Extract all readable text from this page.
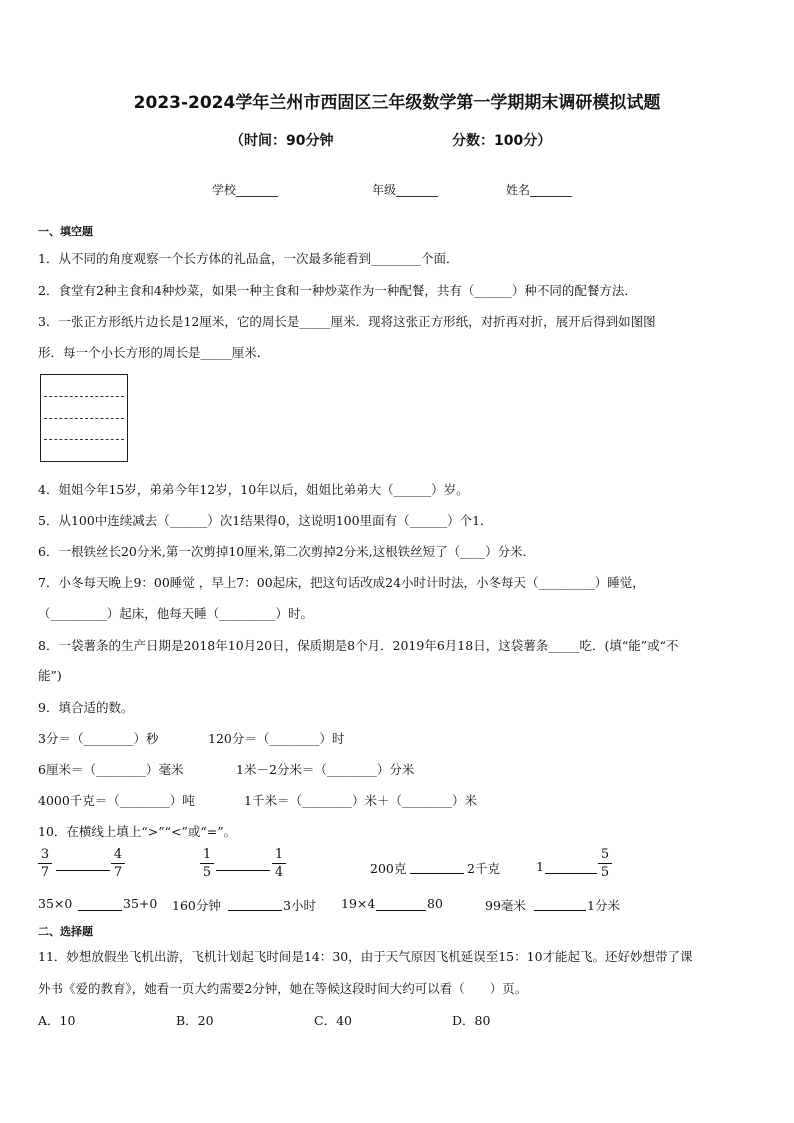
2023-2024学年兰州市西固区三年级数学第一学期期末调研模拟试题
（时间：90分钟	分数：100分）
学校_______	年级_______	姓名_______
一、填空题
1．从不同的角度观察一个长方体的礼品盒，一次最多能看到________个面．
2．食堂有2种主食和4种炒菜，如果一种主食和一种炒菜作为一种配餐，共有（______）种不同的配餐方法．
3．一张正方形纸片边长是12厘米，它的周长是_____厘米．现将这张正方形纸，对折再对折，展开后得到如图图
形．每一个小长方形的周长是_____厘米．
4．姐姐今年15岁，弟弟今年12岁，10年以后，姐姐比弟弟大（______）岁。
5．从100中连续减去（______）次1结果得0，这说明100里面有（______）个1．
6．一根铁丝长20分米,第一次剪掉10厘米,第二次剪掉2分米,这根铁丝短了（____）分米．
7．小冬每天晚上9：00睡觉 ，早上7：00起床，把这句话改成24小时计时法，小冬每天（_________）睡觉，
（_________）起床，他每天睡（_________）时。
8．一袋薯条的生产日期是2018年10月20日，保质期是8个月．2019年6月18日，这袋薯条_____吃．(填“能”或“不
能”)
9．填合适的数。
3分＝（________）秒	120分＝（________）时
6厘米＝（________）毫米	1米－2分米＝（________）分米
4000千克＝（________）吨	1千米＝（________）米＋（________）米
10．在横线上填上“>”“<”或“=”。
$\frac{3}{7}$	$\frac{4}{7}$	$\frac{1}{5}$	$\frac{1}{4}$	200克	2千克	1	$\frac{5}{5}$
35×0	35+0 160分钟	3小时 19×4	80	99毫米	1分米
二、选择题
11．妙想放假坐飞机出游，飞机计划起飞时间是14：30，由于天气原因飞机延误至15：10才能起飞。还好妙想带了课
外书《爱的教育》，她看一页大约需要2分钟，她在等候这段时间大约可以看（　　）页。
A．10	B．20	C．40	D．80
